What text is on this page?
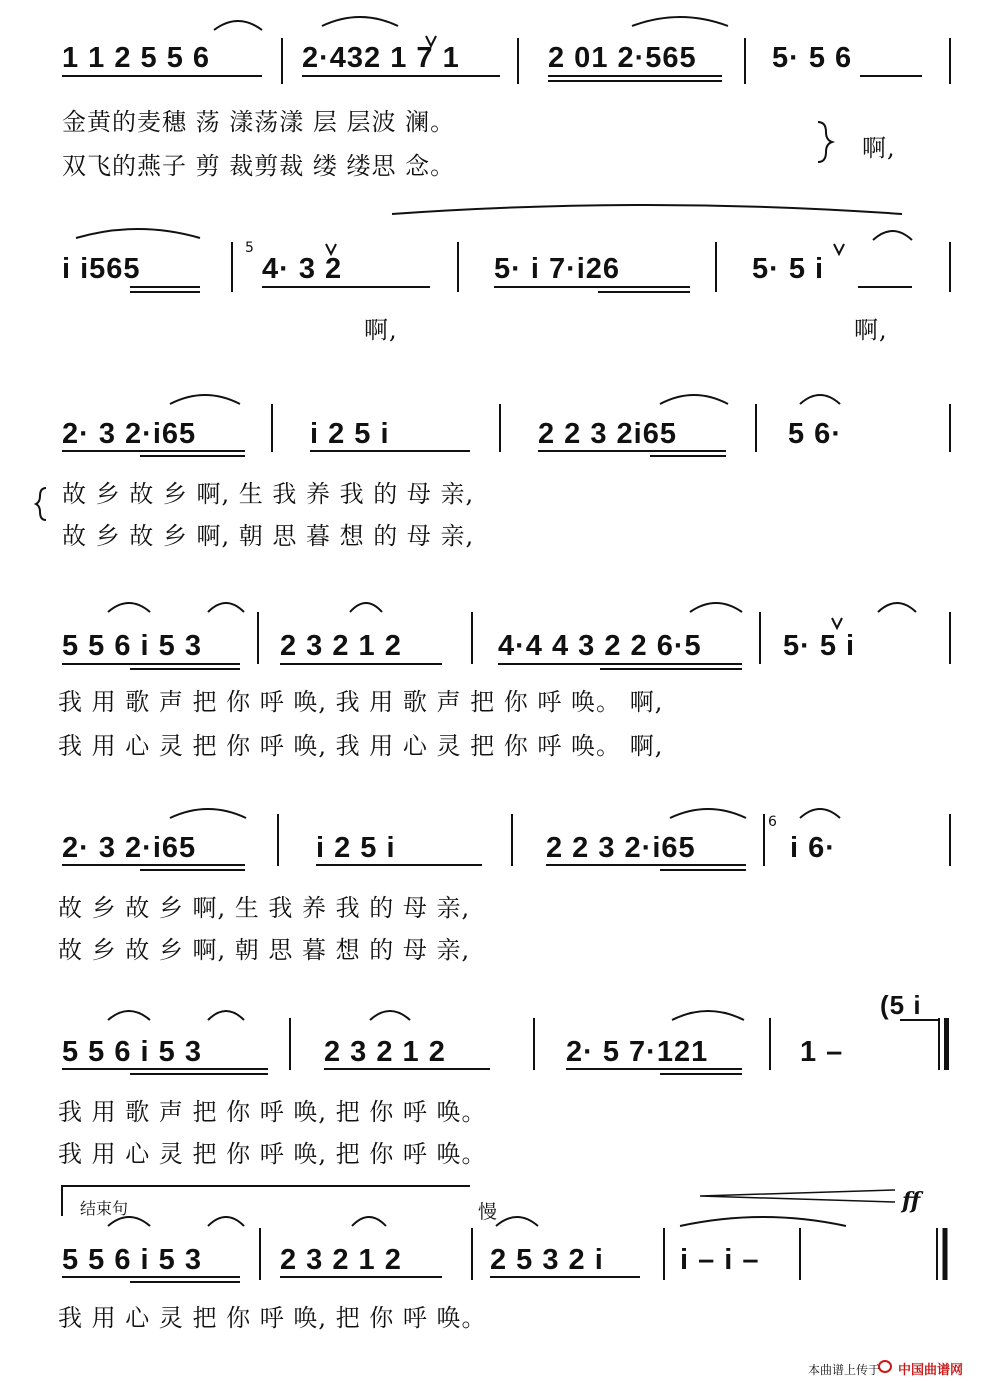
1 1 2 5 5 6	2·432 1 7 1	2 01 2·565	5· 5 6
金黄的麦穗 荡 漾荡漾 层 层波 澜。
双飞的燕子 剪 裁剪裁 缕 缕思 念。
啊,
i i565
5
4· 3 2	5· i 7·i26	5· 5 i
啊,	啊,
2· 3 2·i65	i 2 5 i	2 2 3 2i65	5 6·
故 乡 故 乡 啊, 生 我 养 我 的 母 亲,
故 乡 故 乡 啊, 朝 思 暮 想 的 母 亲,
5 5 6 i 5 3	2 3 2 1 2	4·4 4 3 2 2 6·5	5· 5 i
我 用 歌 声 把 你 呼 唤, 我 用 歌 声 把 你 呼 唤。 啊,
我 用 心 灵 把 你 呼 唤, 我 用 心 灵 把 你 呼 唤。 啊,
2· 3 2·i65	i 2 5 i	2 2 3 2·i65
6
i 6·
故 乡 故 乡 啊, 生 我 养 我 的 母 亲,
故 乡 故 乡 啊, 朝 思 暮 想 的 母 亲,
(5 i
5 5 6 i 5 3	2 3 2 1 2	2· 5 7·121	1 –
我 用 歌 声 把 你 呼 唤, 把 你 呼 唤。
我 用 心 灵 把 你 呼 唤, 把 你 呼 唤。
结束句	慢	ff
5 5 6 i 5 3	2 3 2 1 2	2 5 3 2 i	i – i –
我 用 心 灵 把 你 呼 唤, 把 你 呼 唤。
本曲谱上传于 中国曲谱网
